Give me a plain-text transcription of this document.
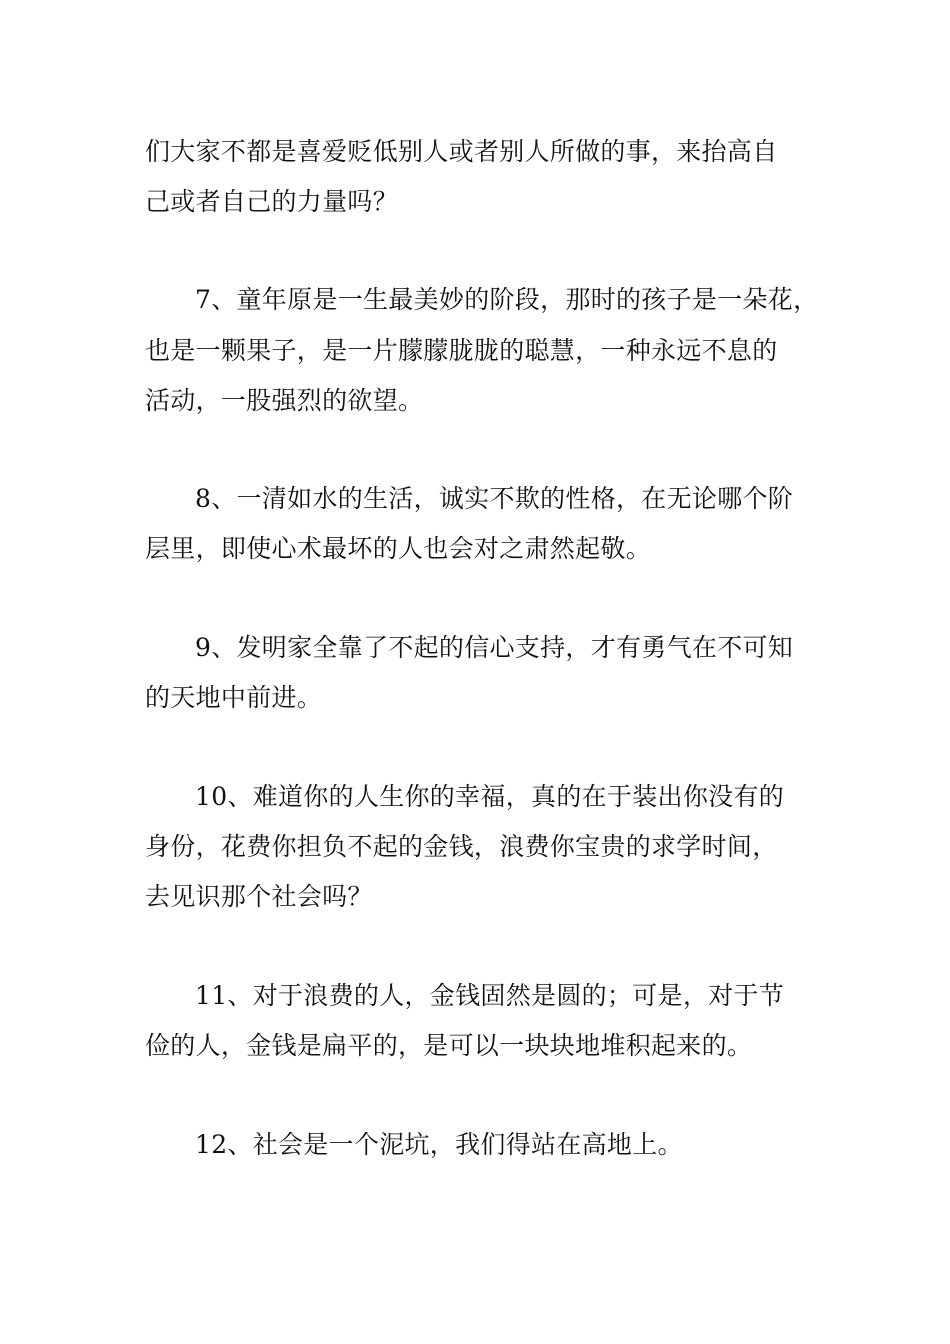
们大家不都是喜爱贬低别人或者别人所做的事，来抬高自
己或者自己的力量吗？
7、童年原是一生最美妙的阶段，那时的孩子是一朵花，
也是一颗果子，是一片朦朦胧胧的聪慧，一种永远不息的
活动，一股强烈的欲望。
8、一清如水的生活，诚实不欺的性格，在无论哪个阶
层里，即使心术最坏的人也会对之肃然起敬。
9、发明家全靠了不起的信心支持，才有勇气在不可知
的天地中前进。
10、难道你的人生你的幸福，真的在于装出你没有的
身份，花费你担负不起的金钱，浪费你宝贵的求学时间，
去见识那个社会吗？
11、对于浪费的人，金钱固然是圆的；可是，对于节
俭的人，金钱是扁平的，是可以一块块地堆积起来的。
12、社会是一个泥坑，我们得站在高地上。
